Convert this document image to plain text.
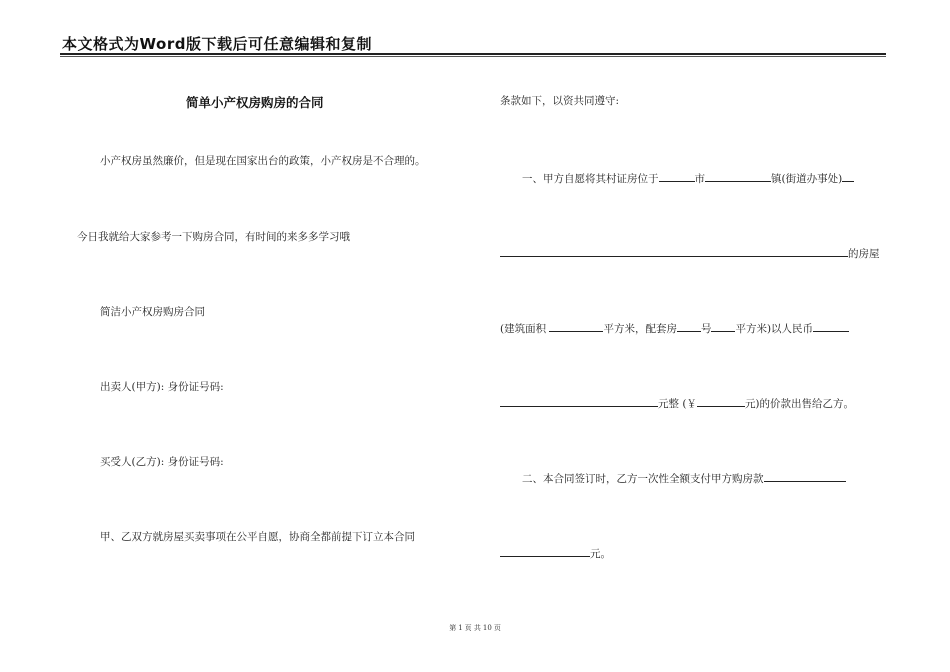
本文格式为Word版下载后可任意编辑和复制
简单小产权房购房的合同
小产权房虽然廉价，但是现在国家出台的政策，小产权房是不合理的。
今日我就给大家参考一下购房合同，有时间的来多多学习哦
简洁小产权房购房合同
出卖人(甲方): 身份证号码:
买受人(乙方): 身份证号码:
甲、乙双方就房屋买卖事项在公平自愿，协商全都前提下订立本合同
条款如下，以资共同遵守:
一、甲方自愿将其村证房位于	市	镇(街道办事处)
的房屋
(建筑面积	平方米，配套房 号 平方米)以人民币
元整 (￥	元)的价款出售给乙方。
二、本合同签订时，乙方一次性全额支付甲方购房款
元。
第 1 页 共 10 页
